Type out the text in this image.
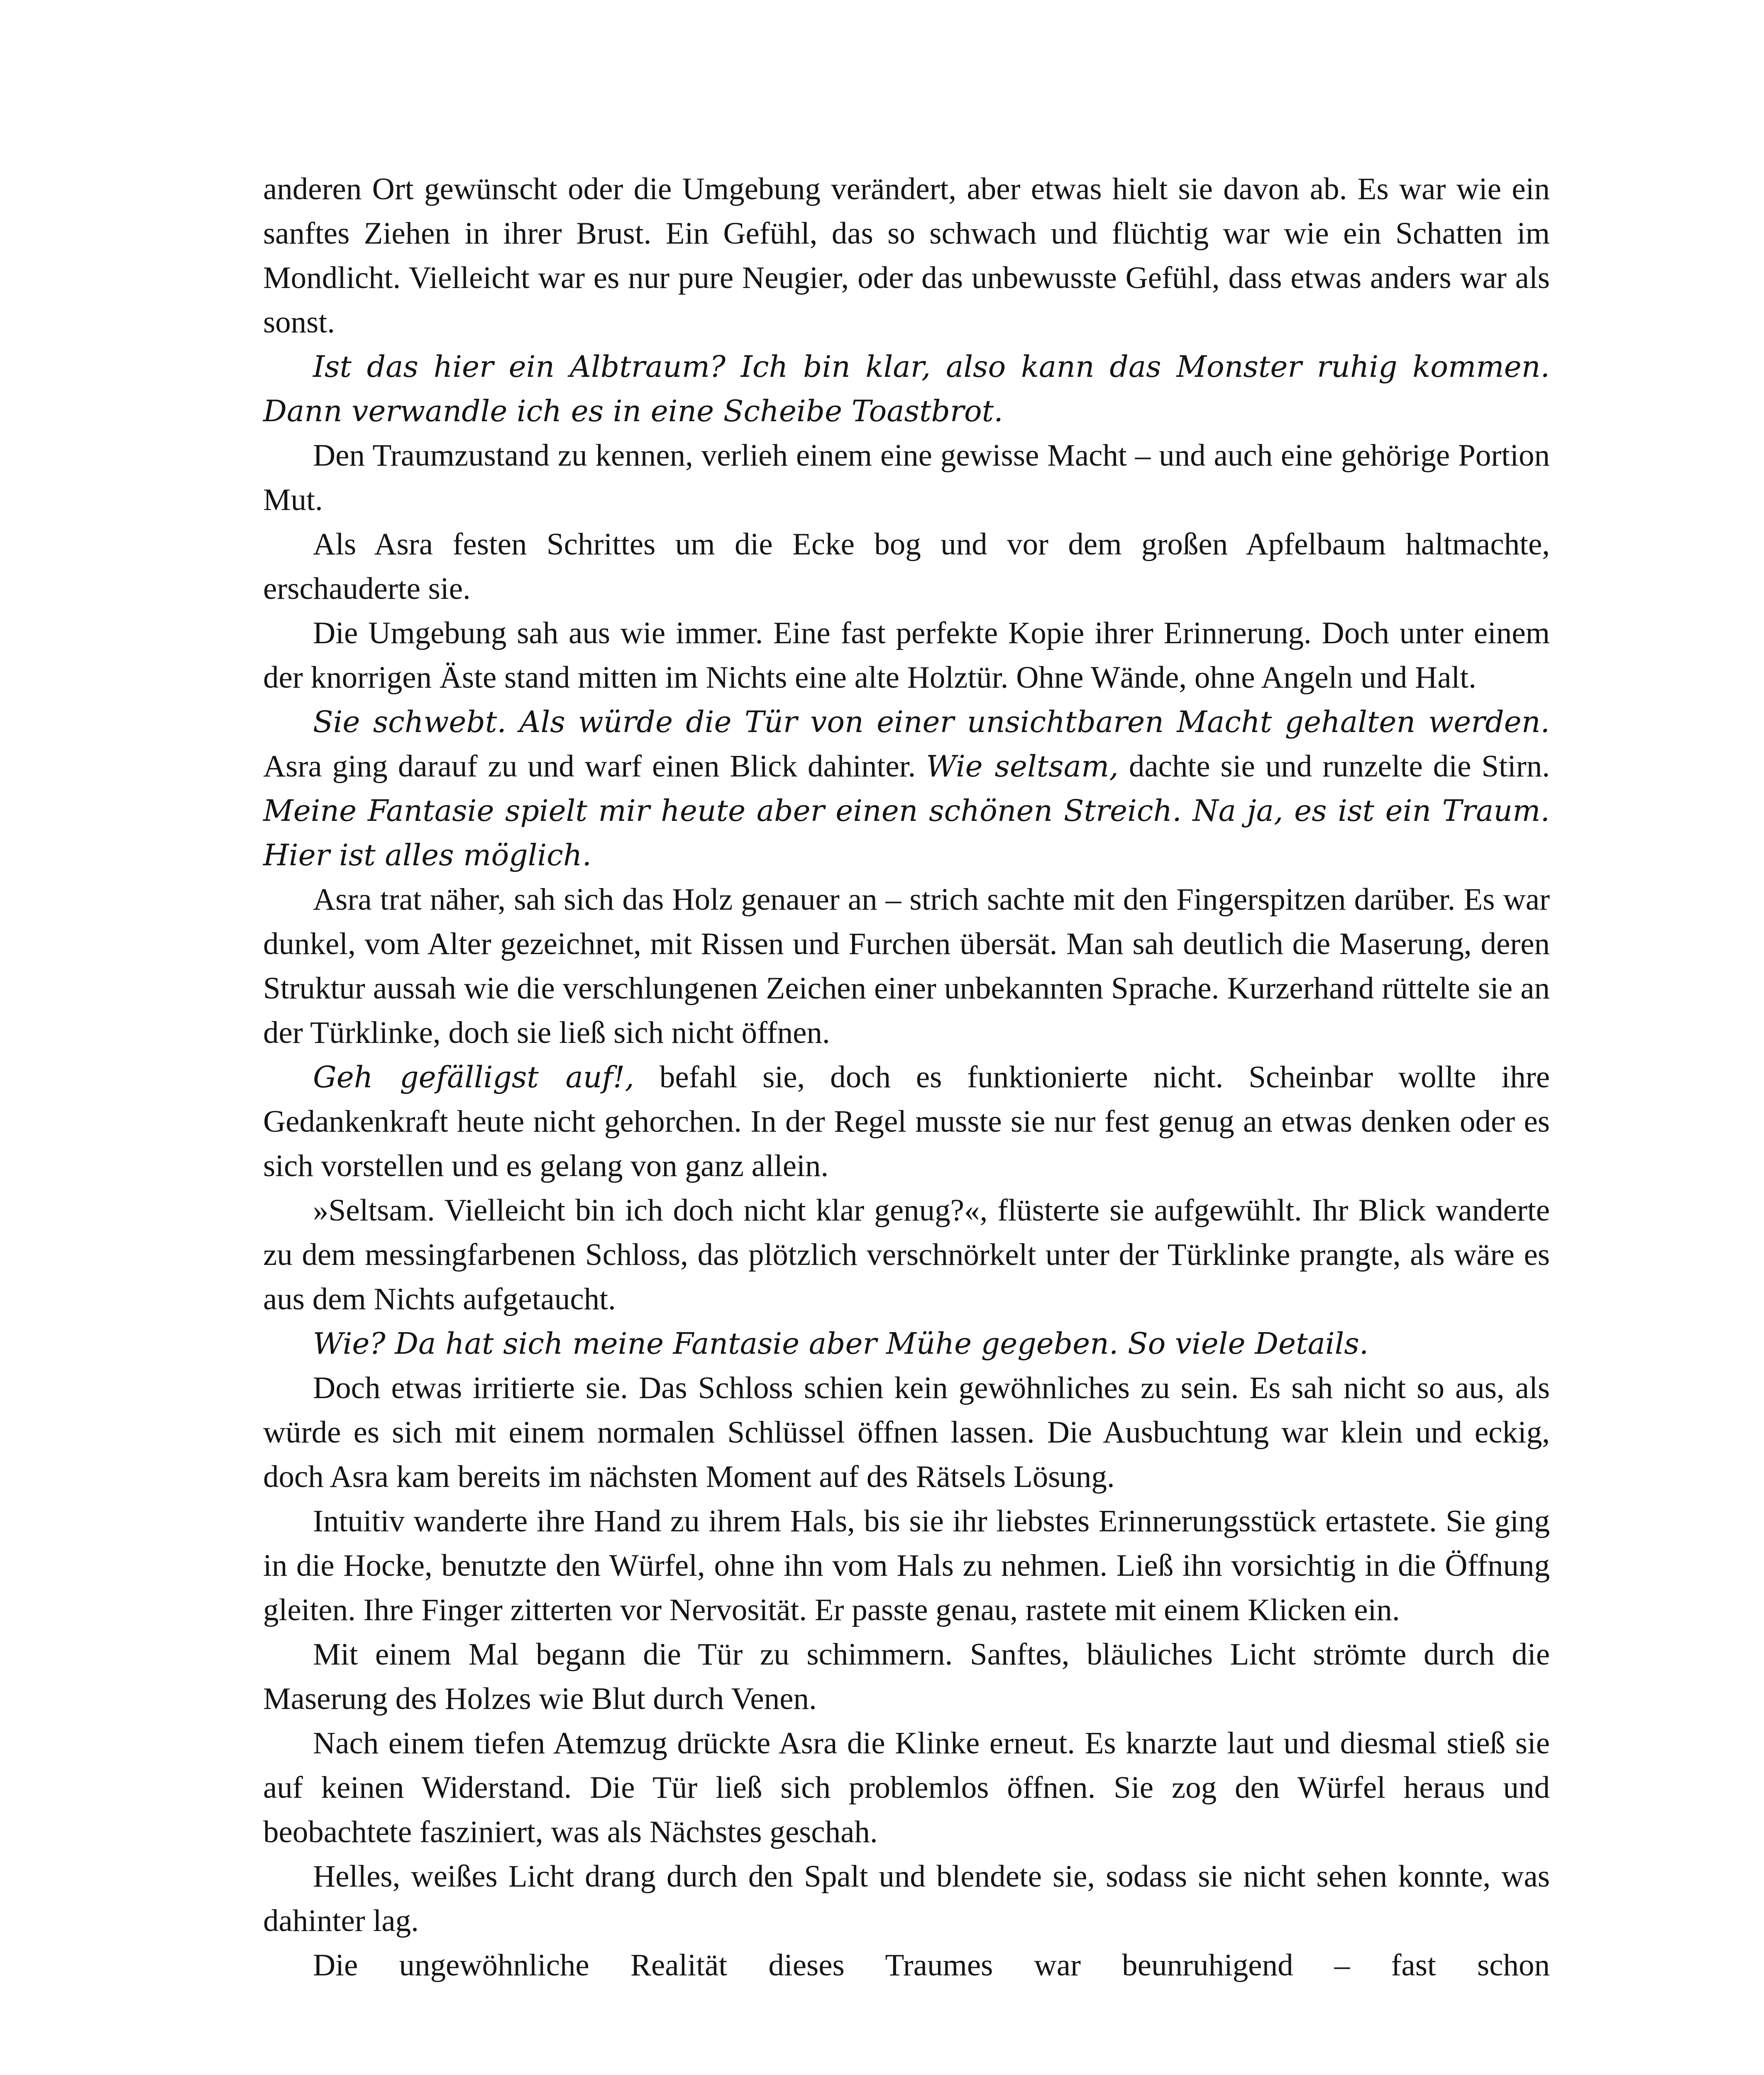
anderen Ort gewünscht oder die Umgebung verändert, aber etwas hielt sie davon ab. Es war wie ein sanftes Ziehen in ihrer Brust. Ein Gefühl, das so schwach und flüchtig war wie ein Schatten im Mondlicht. Vielleicht war es nur pure Neugier, oder das unbewusste Gefühl, dass etwas anders war als sonst.

Ist das hier ein Albtraum? Ich bin klar, also kann das Monster ruhig kommen. Dann verwandle ich es in eine Scheibe Toastbrot.

Den Traumzustand zu kennen, verlieh einem eine gewisse Macht – und auch eine gehörige Portion Mut.

Als Asra festen Schrittes um die Ecke bog und vor dem großen Apfelbaum haltmachte, erschauderte sie.

Die Umgebung sah aus wie immer. Eine fast perfekte Kopie ihrer Erinnerung. Doch unter einem der knorrigen Äste stand mitten im Nichts eine alte Holztür. Ohne Wände, ohne Angeln und Halt.

Sie schwebt. Als würde die Tür von einer unsichtbaren Macht gehalten werden. Asra ging darauf zu und warf einen Blick dahinter. Wie seltsam, dachte sie und runzelte die Stirn. Meine Fantasie spielt mir heute aber einen schönen Streich. Na ja, es ist ein Traum. Hier ist alles möglich.

Asra trat näher, sah sich das Holz genauer an – strich sachte mit den Fingerspitzen darüber. Es war dunkel, vom Alter gezeichnet, mit Rissen und Furchen übersät. Man sah deutlich die Maserung, deren Struktur aussah wie die verschlungenen Zeichen einer unbekannten Sprache. Kurzerhand rüttelte sie an der Türklinke, doch sie ließ sich nicht öffnen.

Geh gefälligst auf!, befahl sie, doch es funktionierte nicht. Scheinbar wollte ihre Gedankenkraft heute nicht gehorchen. In der Regel musste sie nur fest genug an etwas denken oder es sich vorstellen und es gelang von ganz allein.

»Seltsam. Vielleicht bin ich doch nicht klar genug?«, flüsterte sie aufgewühlt. Ihr Blick wanderte zu dem messingfarbenen Schloss, das plötzlich verschnörkelt unter der Türklinke prangte, als wäre es aus dem Nichts aufgetaucht.

Wie? Da hat sich meine Fantasie aber Mühe gegeben. So viele Details.

Doch etwas irritierte sie. Das Schloss schien kein gewöhnliches zu sein. Es sah nicht so aus, als würde es sich mit einem normalen Schlüssel öffnen lassen. Die Ausbuchtung war klein und eckig, doch Asra kam bereits im nächsten Moment auf des Rätsels Lösung.

Intuitiv wanderte ihre Hand zu ihrem Hals, bis sie ihr liebstes Erinnerungsstück ertastete. Sie ging in die Hocke, benutzte den Würfel, ohne ihn vom Hals zu nehmen. Ließ ihn vorsichtig in die Öffnung gleiten. Ihre Finger zitterten vor Nervosität. Er passte genau, rastete mit einem Klicken ein.

Mit einem Mal begann die Tür zu schimmern. Sanftes, bläuliches Licht strömte durch die Maserung des Holzes wie Blut durch Venen.

Nach einem tiefen Atemzug drückte Asra die Klinke erneut. Es knarzte laut und diesmal stieß sie auf keinen Widerstand. Die Tür ließ sich problemlos öffnen. Sie zog den Würfel heraus und beobachtete fasziniert, was als Nächstes geschah.

Helles, weißes Licht drang durch den Spalt und blendete sie, sodass sie nicht sehen konnte, was dahinter lag.

Die ungewöhnliche Realität dieses Traumes war beunruhigend – fast schon
